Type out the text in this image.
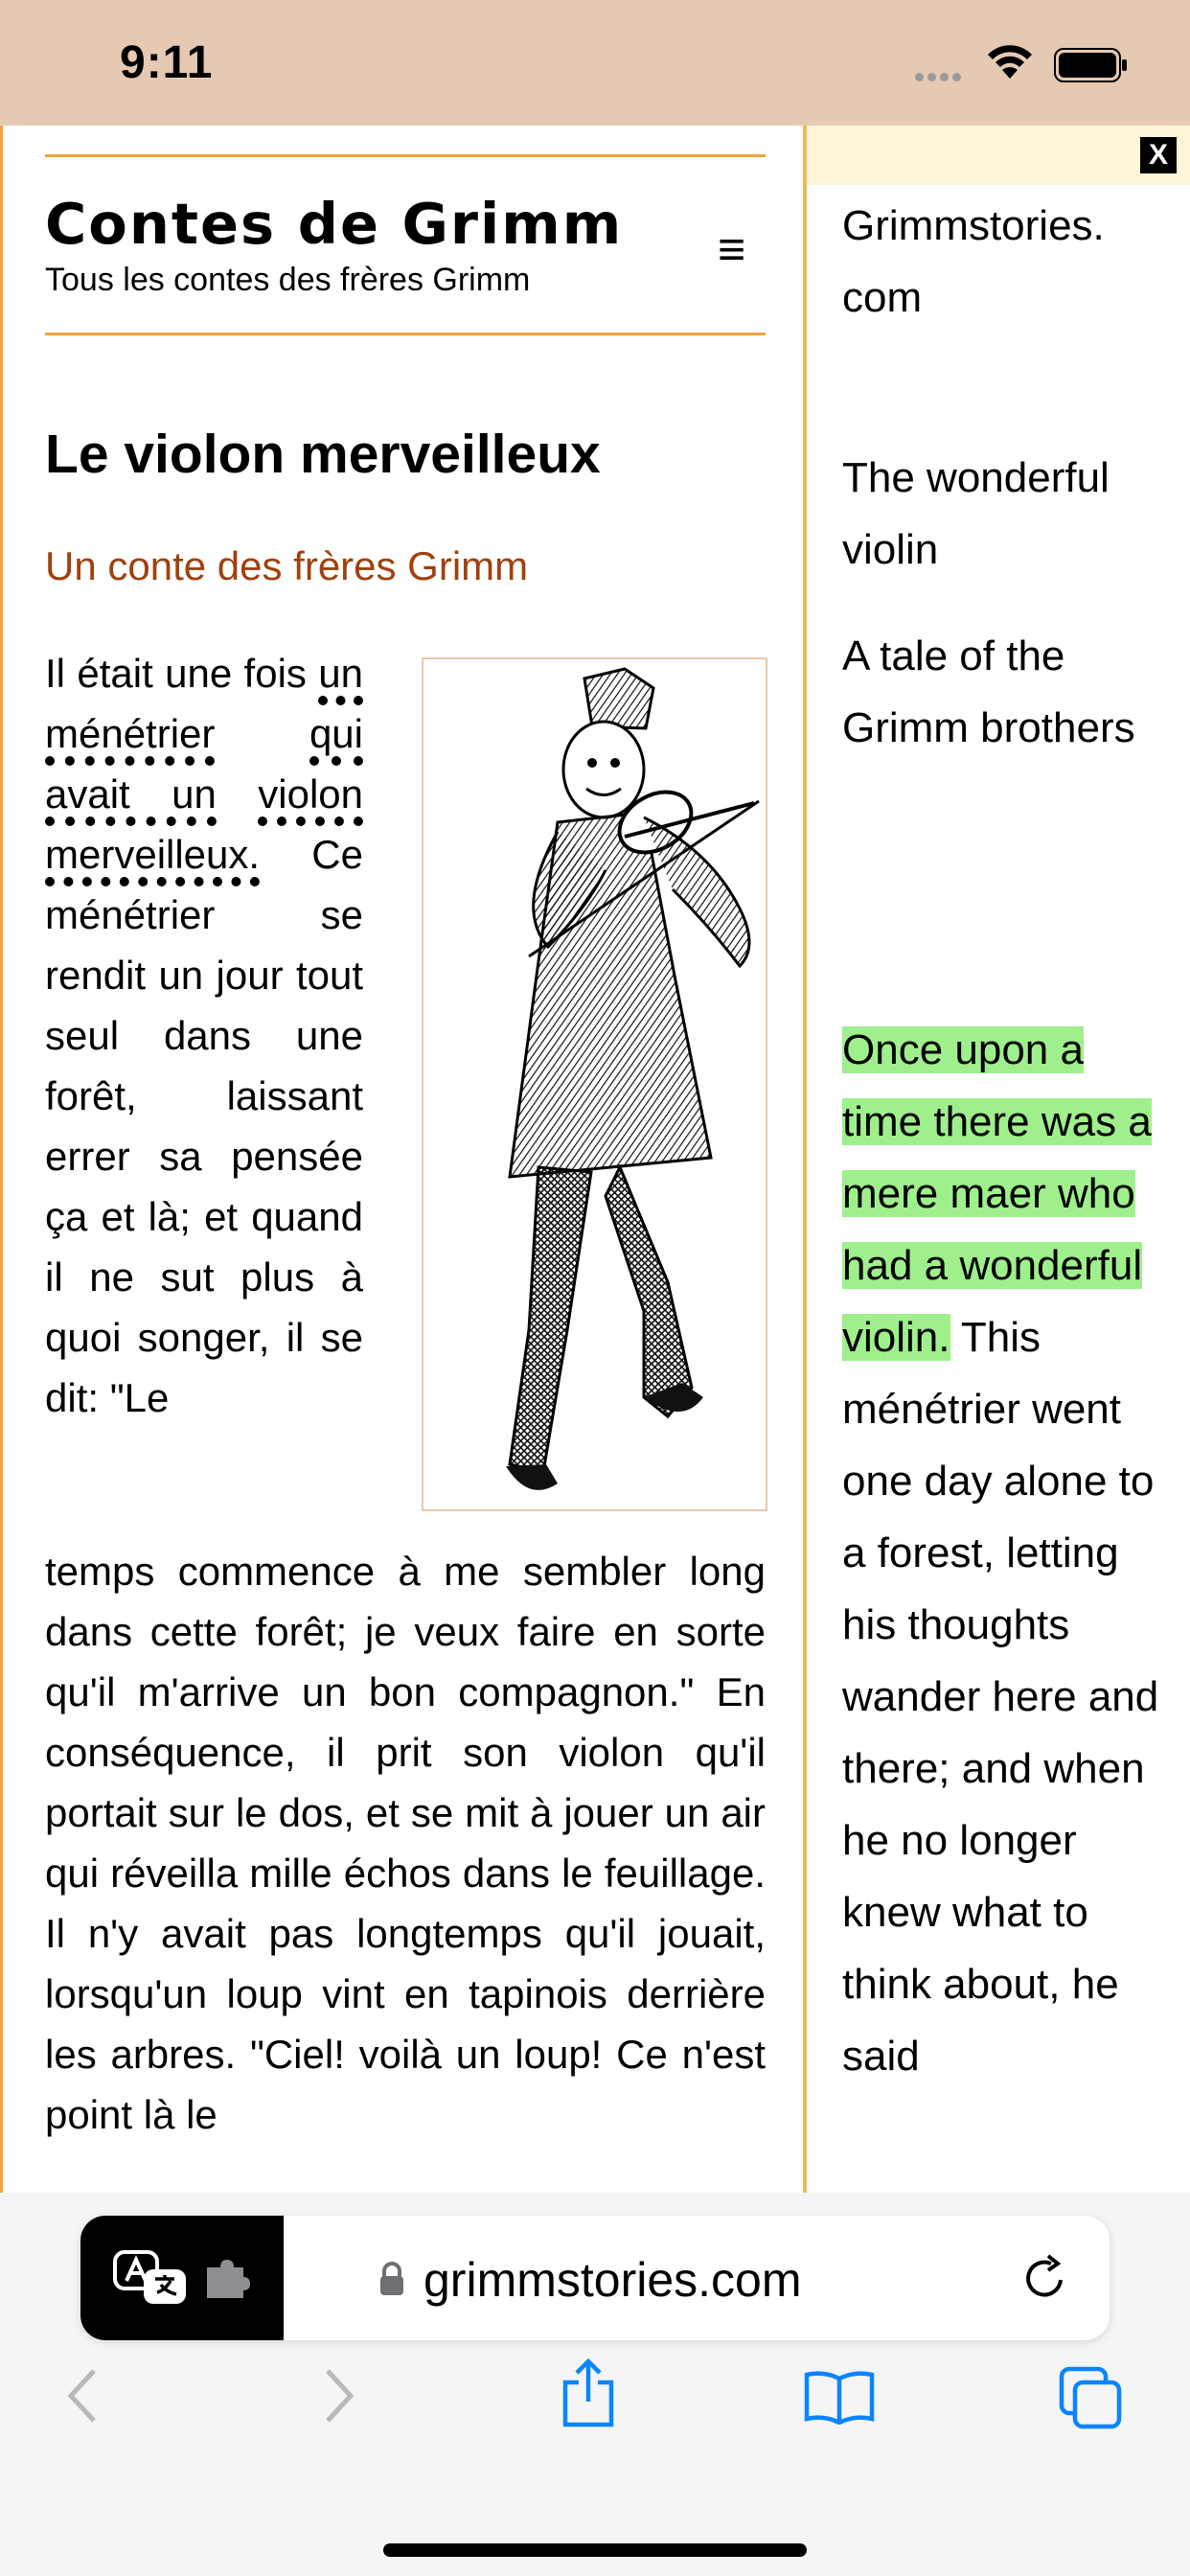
9:11
Contes de Grimm
Tous les contes des frères Grimm
≡
Le violon merveilleux
Un conte des frères Grimm
Il était une fois un ménétrier qui avait un violon merveilleux. Ce ménétrier se rendit un jour tout seul dans une forêt, laissant errer sa pensée ça et là; et quand il ne sut plus à quoi songer, il se dit: "Le
temps commence à me sembler long dans cette forêt; je veux faire en sorte qu'il m'arrive un bon compagnon." En conséquence, il prit son violon qu'il portait sur le dos, et se mit à jouer un air qui réveilla mille échos dans le feuillage. Il n'y avait pas longtemps qu'il jouait, lorsqu'un loup vint en tapinois derrière les arbres. "Ciel! voilà un loup! Ce n'est point là le
X
Grimmstories.
com
The wonderful violin
A tale of the Grimm brothers
Once upon a time there was a mere maer who had a wonderful violin. This ménétrier went one day alone to a forest, letting his thoughts wander here and there; and when he no longer knew what to think about, he said
grimmstories.com
